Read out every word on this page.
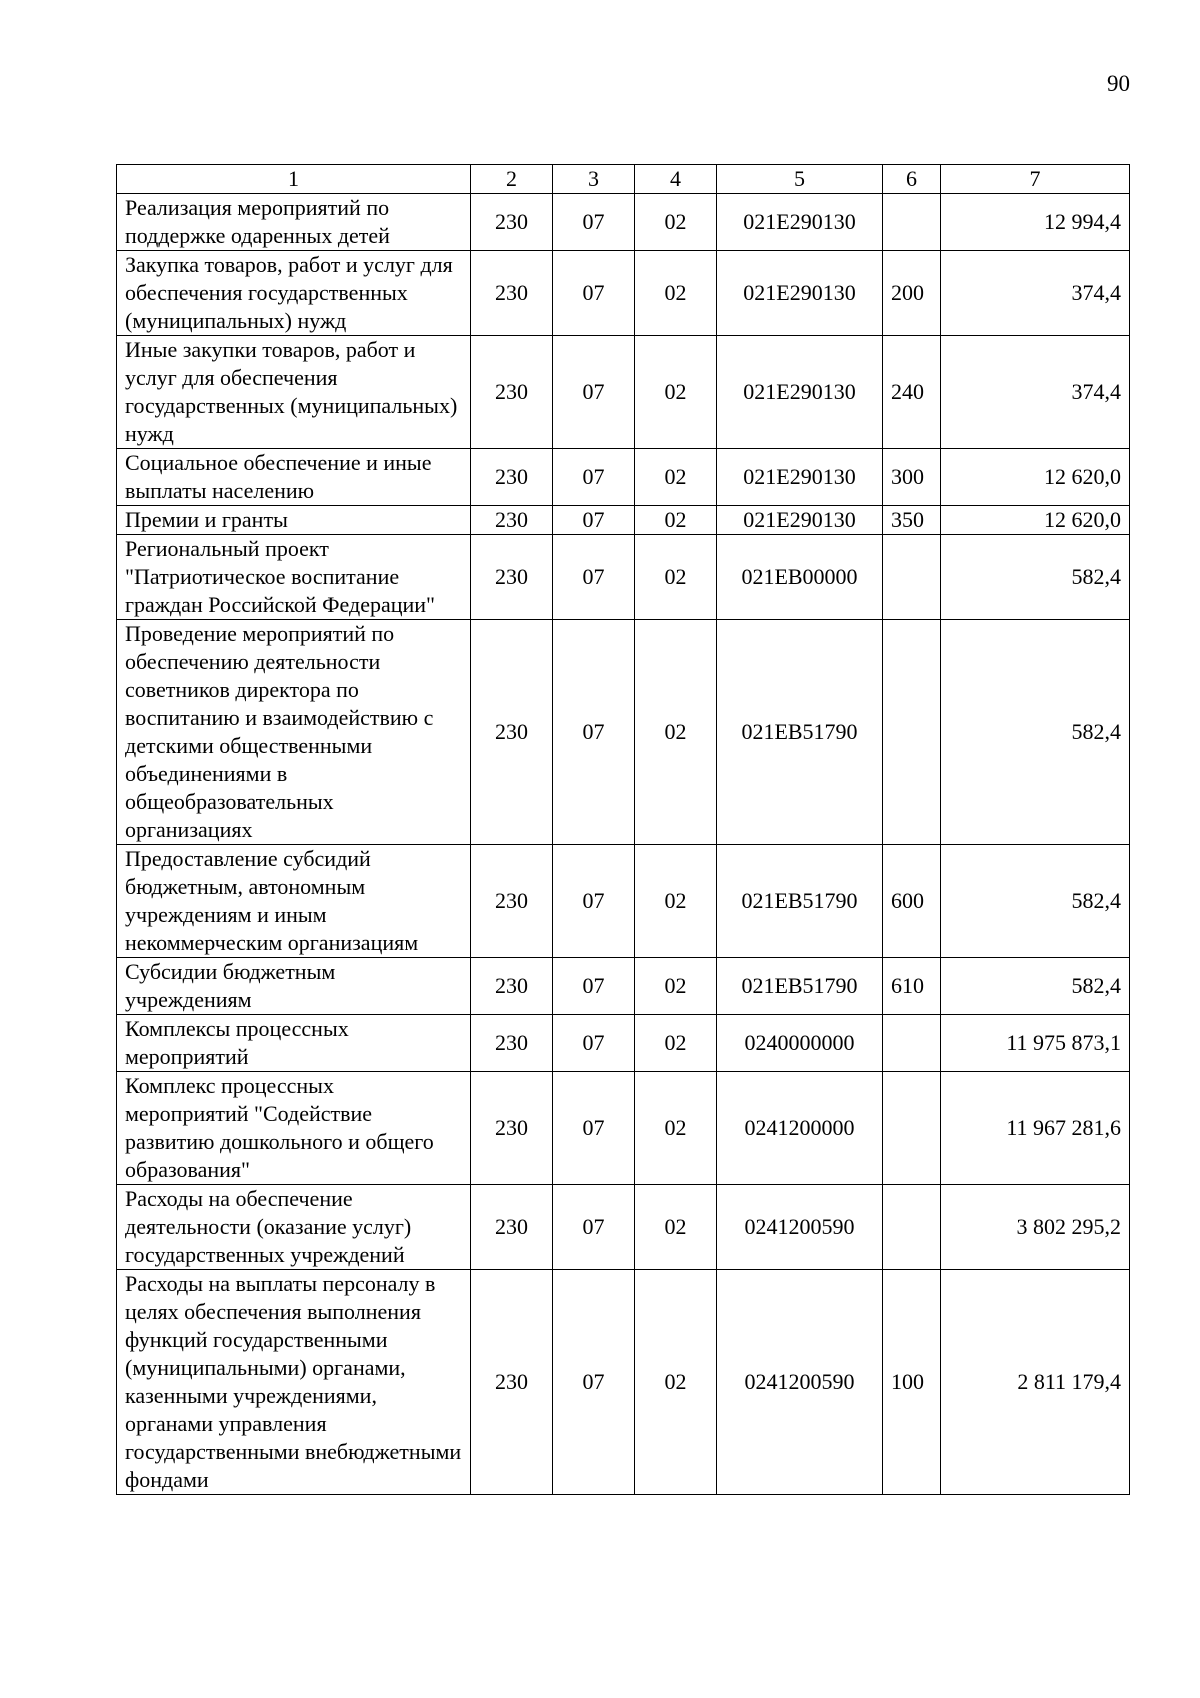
90
1	2	3	4	5	6	7
Реализация мероприятий по поддержке одаренных детей	230	07	02	021Е290130		12 994,4
Закупка товаров, работ и услуг для обеспечения государственных (муниципальных) нужд	230	07	02	021Е290130	200	374,4
Иные закупки товаров, работ и услуг для обеспечения государственных (муниципальных) нужд	230	07	02	021Е290130	240	374,4
Социальное обеспечение и иные выплаты населению	230	07	02	021Е290130	300	12 620,0
Премии и гранты	230	07	02	021Е290130	350	12 620,0
Региональный проект "Патриотическое воспитание граждан Российской Федерации"	230	07	02	021ЕВ00000		582,4
Проведение мероприятий по обеспечению деятельности советников директора по воспитанию и взаимодействию с детскими общественными объединениями в общеобразовательных организациях	230	07	02	021ЕВ51790		582,4
Предоставление субсидий бюджетным, автономным учреждениям и иным некоммерческим организациям	230	07	02	021ЕВ51790	600	582,4
Субсидии бюджетным учреждениям	230	07	02	021ЕВ51790	610	582,4
Комплексы процессных мероприятий	230	07	02	0240000000		11 975 873,1
Комплекс процессных мероприятий "Содействие развитию дошкольного и общего образования"	230	07	02	0241200000		11 967 281,6
Расходы на обеспечение деятельности (оказание услуг) государственных учреждений	230	07	02	0241200590		3 802 295,2
Расходы на выплаты персоналу в целях обеспечения выполнения функций государственными (муниципальными) органами, казенными учреждениями, органами управления государственными внебюджетными фондами	230	07	02	0241200590	100	2 811 179,4
